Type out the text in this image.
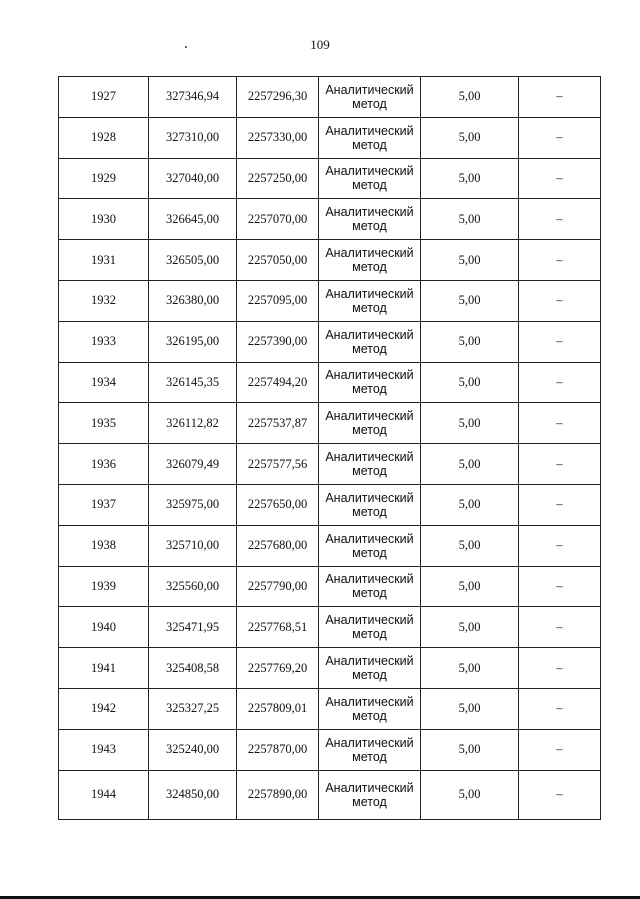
109
1927	327346,94	2257296,30	Аналитический метод	5,00	–
1928	327310,00	2257330,00	Аналитический метод	5,00	–
1929	327040,00	2257250,00	Аналитический метод	5,00	–
1930	326645,00	2257070,00	Аналитический метод	5,00	–
1931	326505,00	2257050,00	Аналитический метод	5,00	–
1932	326380,00	2257095,00	Аналитический метод	5,00	–
1933	326195,00	2257390,00	Аналитический метод	5,00	–
1934	326145,35	2257494,20	Аналитический метод	5,00	–
1935	326112,82	2257537,87	Аналитический метод	5,00	–
1936	326079,49	2257577,56	Аналитический метод	5,00	–
1937	325975,00	2257650,00	Аналитический метод	5,00	–
1938	325710,00	2257680,00	Аналитический метод	5,00	–
1939	325560,00	2257790,00	Аналитический метод	5,00	–
1940	325471,95	2257768,51	Аналитический метод	5,00	–
1941	325408,58	2257769,20	Аналитический метод	5,00	–
1942	325327,25	2257809,01	Аналитический метод	5,00	–
1943	325240,00	2257870,00	Аналитический метод	5,00	–
1944	324850,00	2257890,00	Аналитический метод	5,00	–
